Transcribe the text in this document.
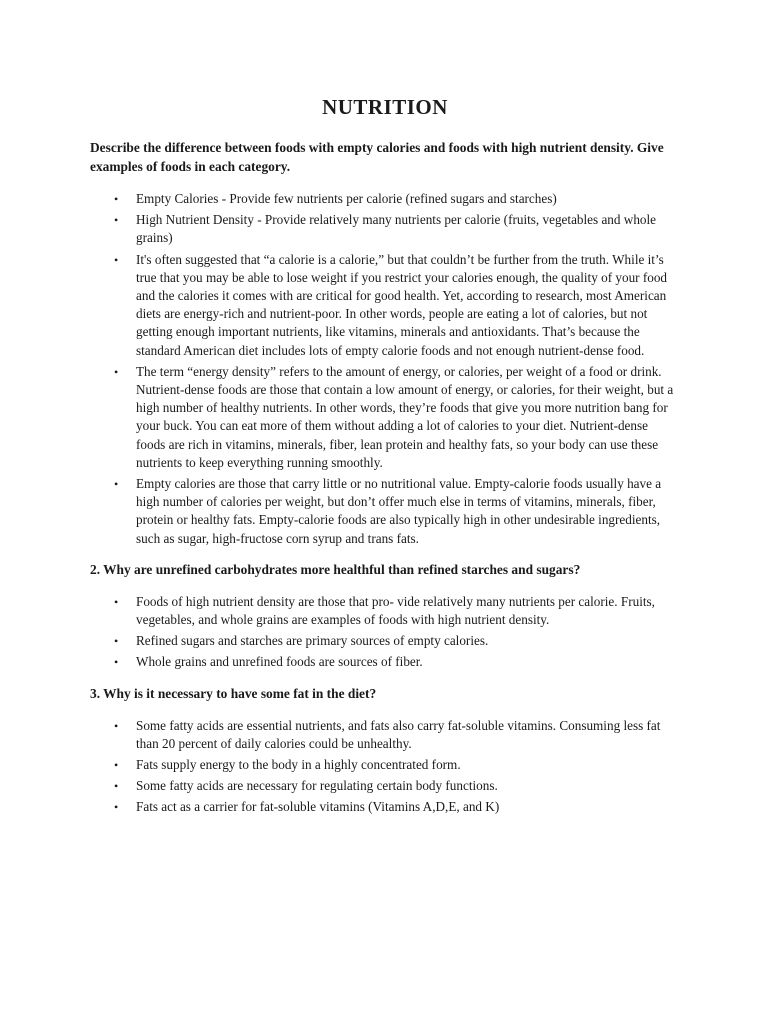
NUTRITION
Describe the difference between foods with empty calories and foods with high nutrient density. Give examples of foods in each category.
• Empty Calories - Provide few nutrients per calorie (refined sugars and starches)
• High Nutrient Density - Provide relatively many nutrients per calorie (fruits, vegetables and whole grains)
• It's often suggested that “a calorie is a calorie,” but that couldn’t be further from the truth. While it’s true that you may be able to lose weight if you restrict your calories enough, the quality of your food and the calories it comes with are critical for good health. Yet, according to research, most American diets are energy-rich and nutrient-poor. In other words, people are eating a lot of calories, but not getting enough important nutrients, like vitamins, minerals and antioxidants. That’s because the standard American diet includes lots of empty calorie foods and not enough nutrient-dense food.
• The term “energy density” refers to the amount of energy, or calories, per weight of a food or drink. Nutrient-dense foods are those that contain a low amount of energy, or calories, for their weight, but a high number of healthy nutrients. In other words, they’re foods that give you more nutrition bang for your buck. You can eat more of them without adding a lot of calories to your diet. Nutrient-dense foods are rich in vitamins, minerals, fiber, lean protein and healthy fats, so your body can use these nutrients to keep everything running smoothly.
• Empty calories are those that carry little or no nutritional value. Empty-calorie foods usually have a high number of calories per weight, but don’t offer much else in terms of vitamins, minerals, fiber, protein or healthy fats. Empty-calorie foods are also typically high in other undesirable ingredients, such as sugar, high-fructose corn syrup and trans fats.
2. Why are unrefined carbohydrates more healthful than refined starches and sugars?
• Foods of high nutrient density are those that pro- vide relatively many nutrients per calorie. Fruits, vegetables, and whole grains are examples of foods with high nutrient density.
• Refined sugars and starches are primary sources of empty calories.
• Whole grains and unrefined foods are sources of fiber.
3. Why is it necessary to have some fat in the diet?
• Some fatty acids are essential nutrients, and fats also carry fat-soluble vitamins. Consuming less fat than 20 percent of daily calories could be unhealthy.
• Fats supply energy to the body in a highly concentrated form.
• Some fatty acids are necessary for regulating certain body functions.
• Fats act as a carrier for fat-soluble vitamins (Vitamins A,D,E, and K)
